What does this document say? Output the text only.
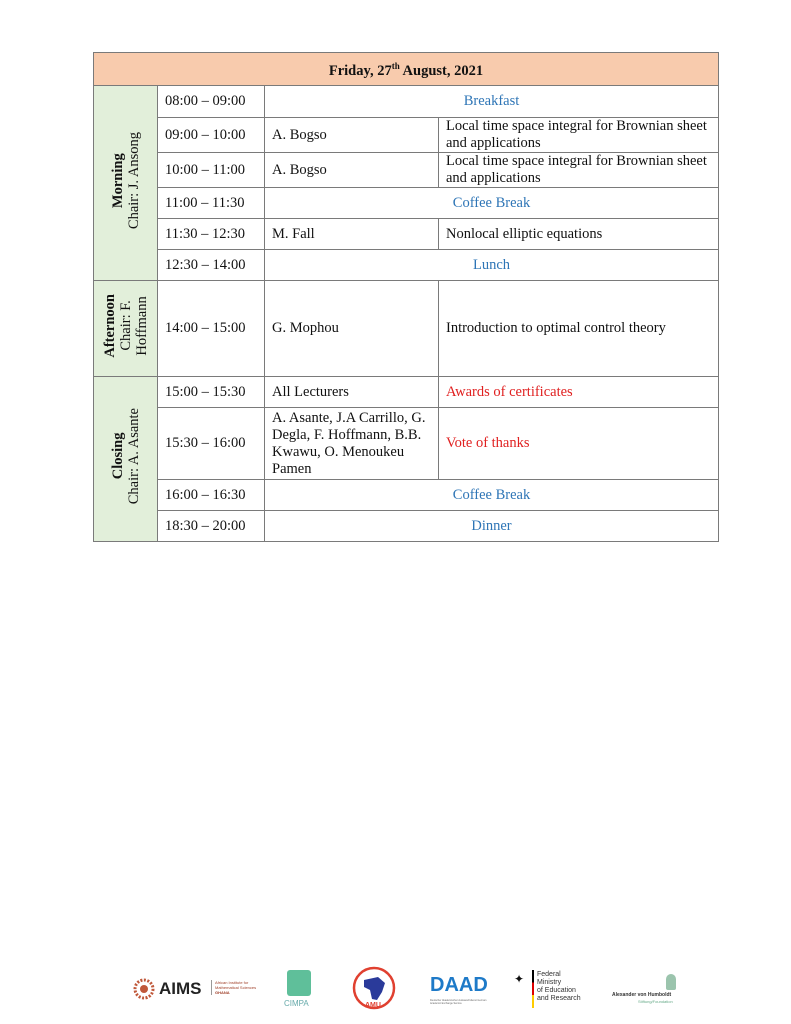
Friday, 27th August, 2021			

Morning Chair: J. Ansong	08:00 – 09:00	Breakfast	
	09:00 – 10:00	A. Bogso	Local time space integral for Brownian sheet and applications
	10:00 – 11:00	A. Bogso	Local time space integral for Brownian sheet and applications
	11:00 – 11:30	Coffee Break	
	11:30 – 12:30	M. Fall	Nonlocal elliptic equations
	12:30 – 14:00	Lunch	

Afternoon Chair: F.
Hoffmann	14:00 – 15:00	G. Mophou	Introduction to optimal control theory

Closing Chair: A. Asante	15:00 – 15:30	All Lecturers	Awards of certificates
	15:30 – 16:00	A. Asante, J.A Carrillo, G. Degla, F. Hoffmann, B.B. Kwawu, O. Menoukeu Pamen	Vote of thanks
	16:00 – 16:30	Coffee Break	
	18:30 – 20:00	Dinner	
AIMS	African Institute for
Mathematical Sciences
GHANA
CIMPA	AMU
DAAD
Deutscher Akademischer Austauschdienst German Academic Exchange Service
✦ Federal Ministry
of Education
and Research	Alexander von Humboldt
Stiftung/Foundation
